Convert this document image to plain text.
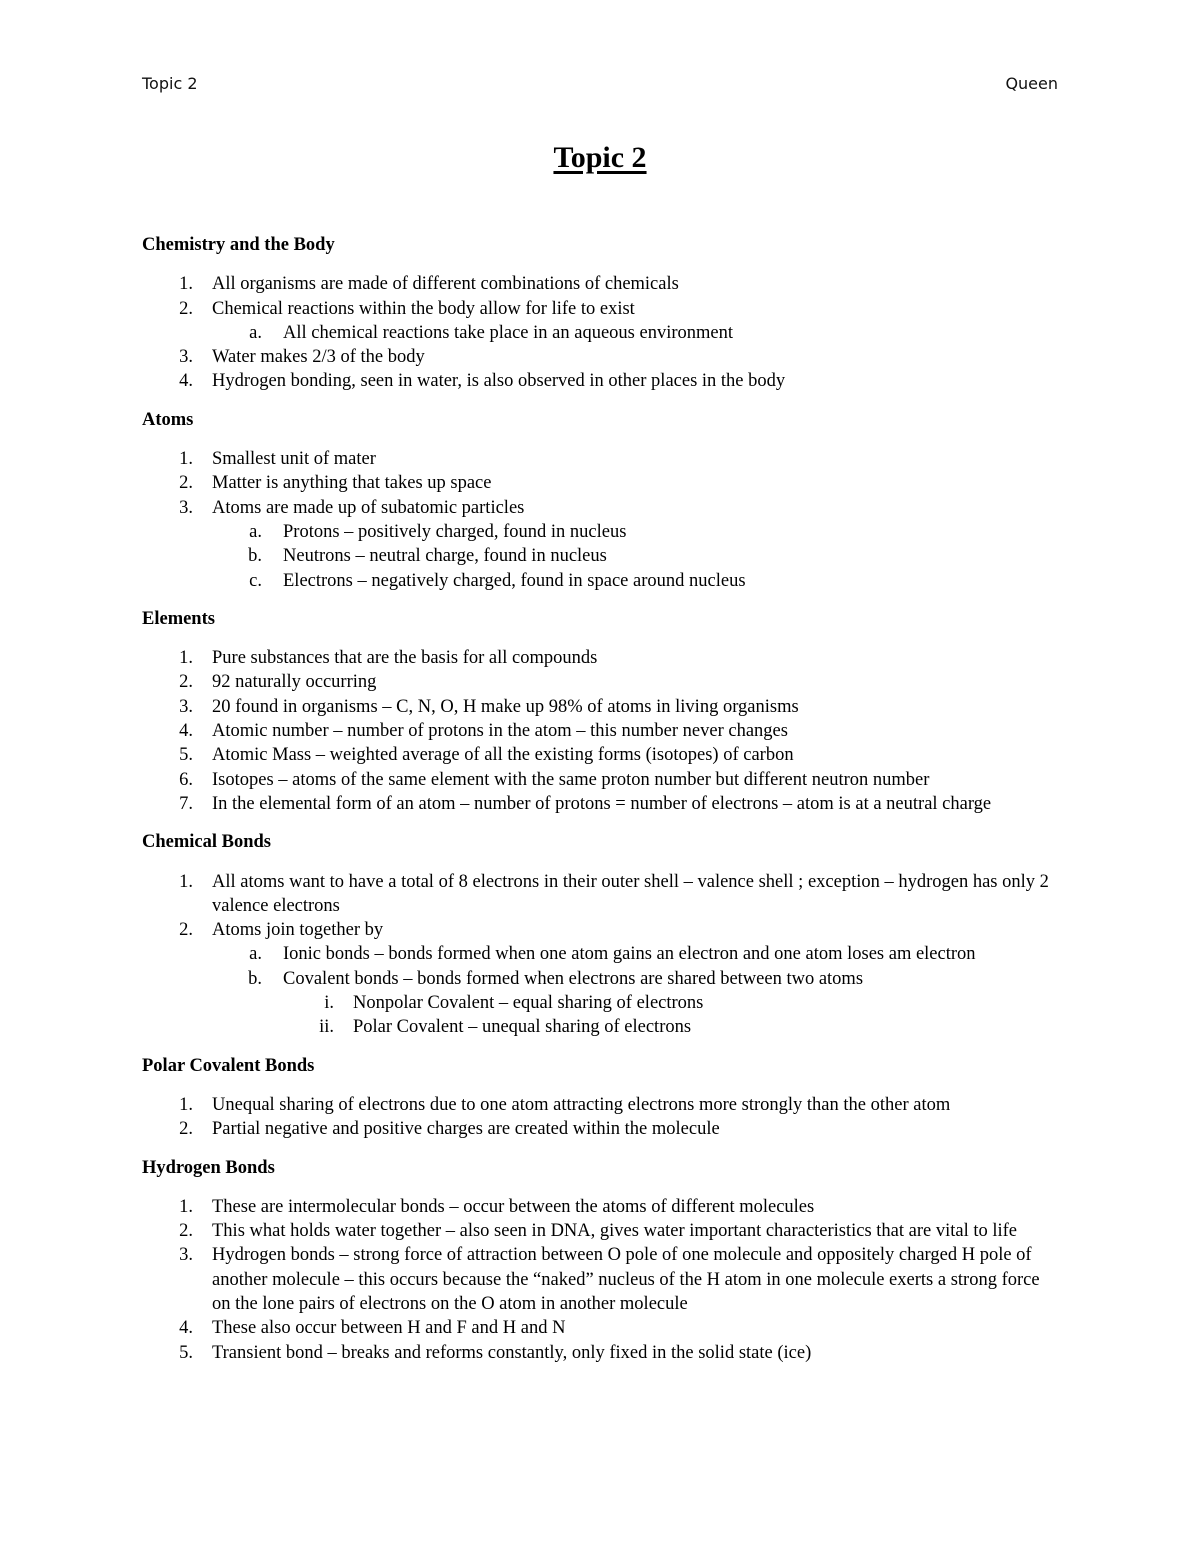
Topic 2	Queen
Topic 2
Chemistry and the Body
1. All organisms are made of different combinations of chemicals
2. Chemical reactions within the body allow for life to exist
a. All chemical reactions take place in an aqueous environment
3. Water makes 2/3 of the body
4. Hydrogen bonding, seen in water, is also observed in other places in the body
Atoms
1. Smallest unit of mater
2. Matter is anything that takes up space
3. Atoms are made up of subatomic particles
a. Protons – positively charged, found in nucleus
b. Neutrons – neutral charge, found in nucleus
c. Electrons – negatively charged, found in space around nucleus
Elements
1. Pure substances that are the basis for all compounds
2. 92 naturally occurring
3. 20 found in organisms – C, N, O, H make up 98% of atoms in living organisms
4. Atomic number – number of protons in the atom – this number never changes
5. Atomic Mass – weighted average of all the existing forms (isotopes) of carbon
6. Isotopes – atoms of the same element with the same proton number but different neutron number
7. In the elemental form of an atom – number of protons = number of electrons – atom is at a neutral charge
Chemical Bonds
1. All atoms want to have a total of 8 electrons in their outer shell – valence shell ; exception – hydrogen has only 2 valence electrons
2. Atoms join together by
a. Ionic bonds – bonds formed when one atom gains an electron and one atom loses am electron
b. Covalent bonds – bonds formed when electrons are shared between two atoms
i. Nonpolar Covalent – equal sharing of electrons
ii. Polar Covalent – unequal sharing of electrons
Polar Covalent Bonds
1. Unequal sharing of electrons due to one atom attracting electrons more strongly than the other atom
2. Partial negative and positive charges are created within the molecule
Hydrogen Bonds
1. These are intermolecular bonds – occur between the atoms of different molecules
2. This what holds water together – also seen in DNA, gives water important characteristics that are vital to life
3. Hydrogen bonds – strong force of attraction between O pole of one molecule and oppositely charged H pole of another molecule – this occurs because the “naked” nucleus of the H atom in one molecule exerts a strong force on the lone pairs of electrons on the O atom in another molecule
4. These also occur between H and F and H and N
5. Transient bond – breaks and reforms constantly, only fixed in the solid state (ice)
